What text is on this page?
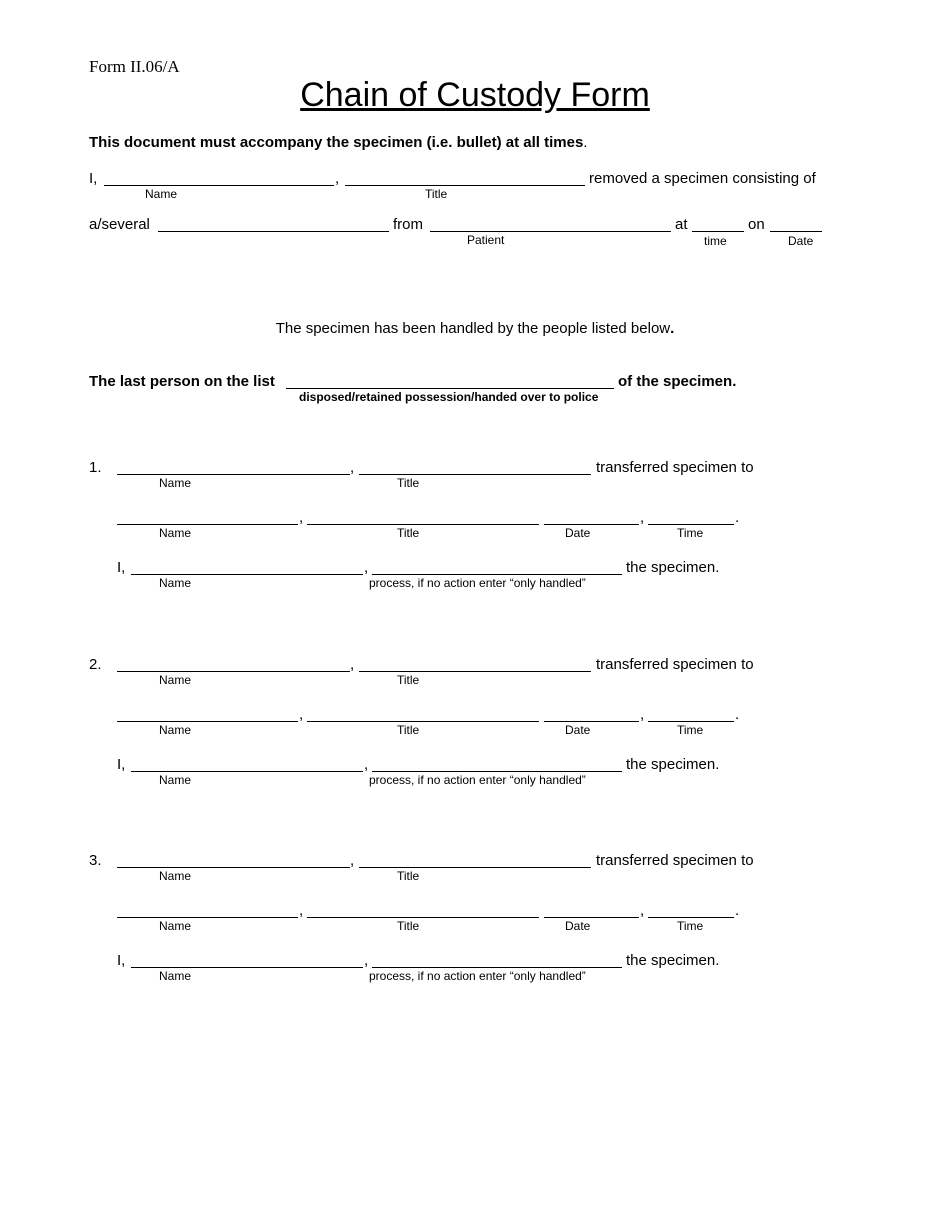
Form II.06/A
Chain of Custody Form
This document must accompany the specimen (i.e. bullet) at all times.
I,	,	removed a specimen consisting of
Name	Title
a/several	from	at	on
Patient	time	Date
The specimen has been handled by the people listed below.
The last person on the list	of the specimen.
disposed/retained possession/handed over to police
1.	,	transferred specimen to
Name	Title
,	,	.
Name	Title	Date	Time
I,	,	the specimen.
Name	process, if no action enter “only handled”
2.	,	transferred specimen to
Name	Title
,	,	.
Name	Title	Date	Time
I,	,	the specimen.
Name	process, if no action enter “only handled”
3.	,	transferred specimen to
Name	Title
,	,	.
Name	Title	Date	Time
I,	,	the specimen.
Name	process, if no action enter “only handled”
